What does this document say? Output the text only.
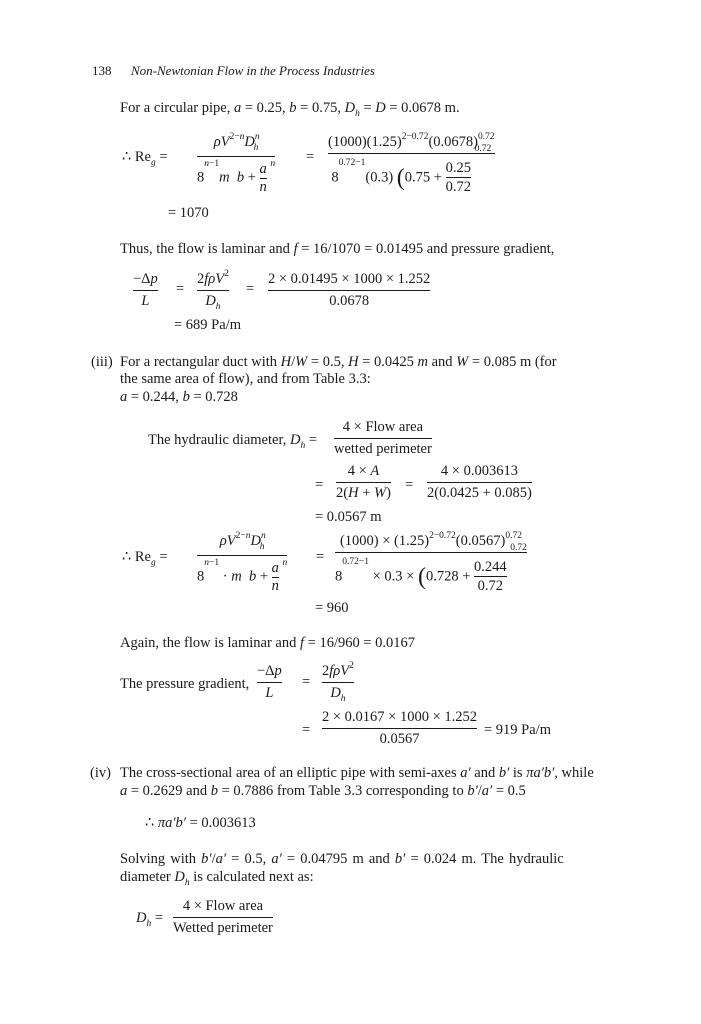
138 Non-Newtonian Flow in the Process Industries
For a circular pipe, a = 0.25, b = 0.75, $D_h = D = 0.0678$ m.
∴ $Re_g$ =
$\rho V^{2-n}D^n_h$
$8^{n-1}m$ $b + \frac{a}{n} ^n$ =
$(1000)(1.25)^{2-0.72}(0.0678)^{0.72}$
$8^{0.72-1}(0.3) (0.75 + \frac{0.25}{0.72}$
$^{0.72}$
= 1070
Thus, the flow is laminar and f = 16/1070 = 0.01495 and pressure gradient,
−Δp
L
=
2fρV$^2$
$D_h$
=
2 × 0.01495 × 1000 × 1.252
0.0678
= 689 Pa/m
(iii) For a rectangular duct with H/W = 0.5, H = 0.0425 m and W = 0.085 m (for
the same area of flow), and from Table 3.3:
a = 0.244, b = 0.728
The hydraulic diameter, $D_h$ =
4 × Flow area
wetted perimeter
=
4 × A
2(H + W) =
4 × 0.003613
2(0.0425 + 0.085)
= 0.0567 m
∴ $Re_g$ =
$\rho V^{2-n}D^n_h$
$8^{n-1} \cdot m$ $b + \frac{a}{n} ^n$ =
$(1000) \times (1.25)^{2-0.72}(0.0567)^{0.72}$
$8^{0.72-1} \times 0.3 \times (0.728 + \frac{0.244}{0.72}$
$^{0.72}$
= 960
Again, the flow is laminar and f = 16/960 = 0.0167
The pressure gradient,
−Δp
L
=
2fρV$^2$
$D_h$
=
2 × 0.0167 × 1000 × 1.252
0.0567
= 919 Pa/m
(iv) The cross-sectional area of an elliptic pipe with semi-axes a′ and b′ is πa′b′, while
a = 0.2629 and b = 0.7886 from Table 3.3 corresponding to b′/a′ = 0.5
∴ πa′b′ = 0.003613
Solving with b′/a′ = 0.5, a′ = 0.04795 m and b′ = 0.024 m. The hydraulic
diameter $D_h$ is calculated next as:
$D_h$ =
4 × Flow area
Wetted perimeter
